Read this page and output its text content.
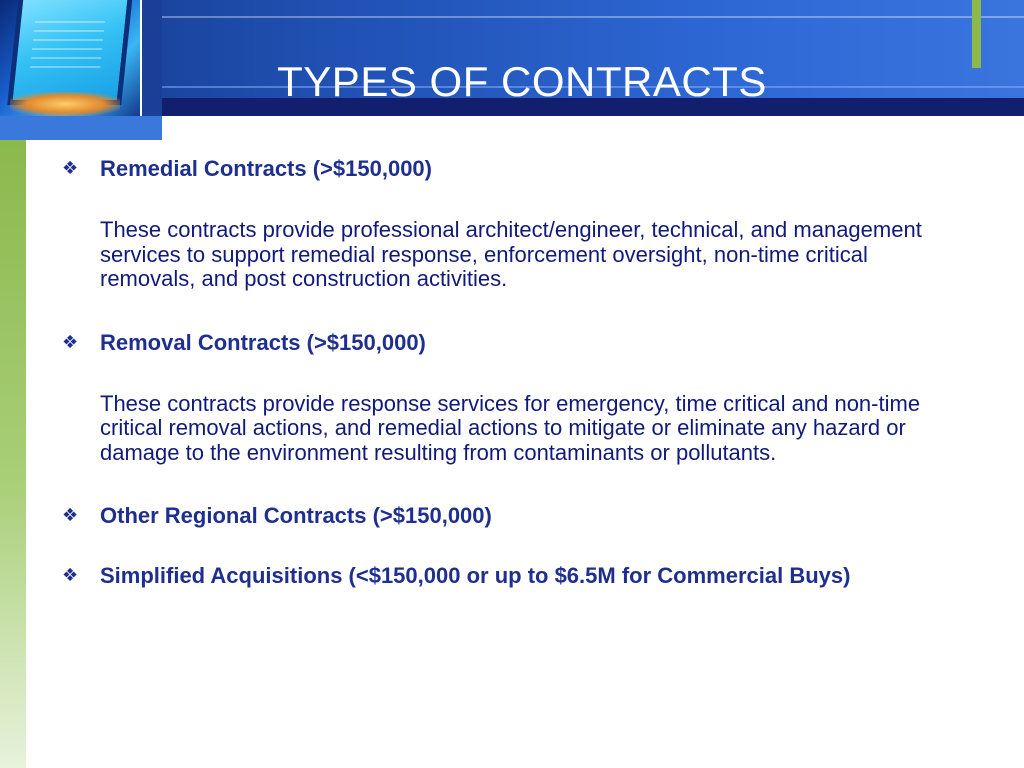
TYPES OF CONTRACTS
❖ Remedial Contracts (>$150,000)
These contracts provide professional architect/engineer, technical, and management services to support remedial response, enforcement oversight, non-time critical removals, and post construction activities.
❖ Removal Contracts (>$150,000)
These contracts provide response services for emergency, time critical and non-time critical removal actions, and remedial actions to mitigate or eliminate any hazard or damage to the environment resulting from contaminants or pollutants.
❖ Other Regional Contracts (>$150,000)
❖ Simplified Acquisitions (<$150,000 or up to $6.5M for Commercial Buys)
